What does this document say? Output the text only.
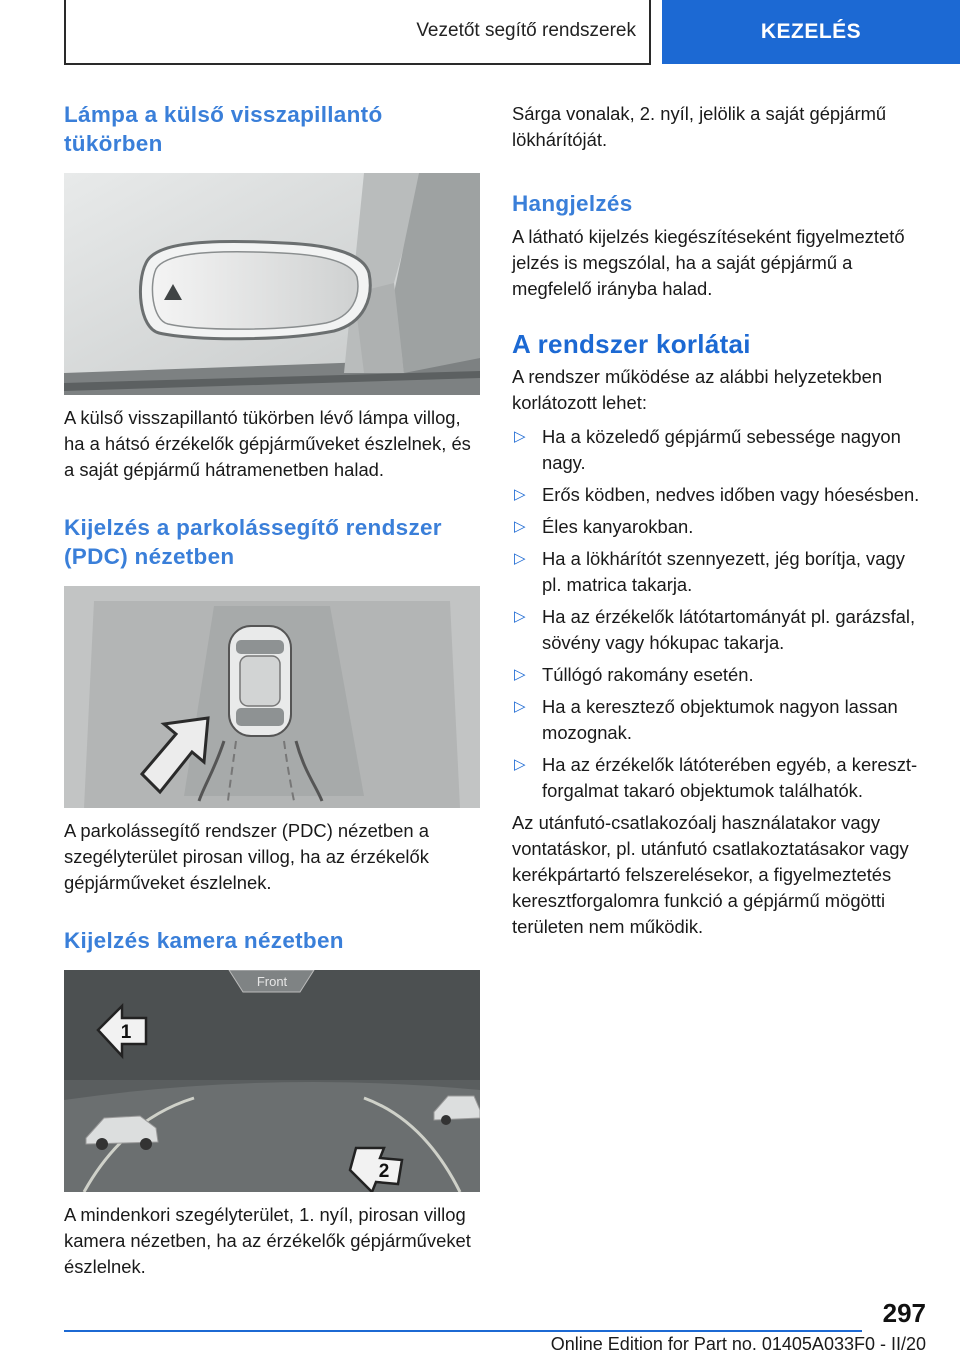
Vezetőt segítő rendszerek	KEZELÉS
Lámpa a külső visszapillantó tükörben

A külső visszapillantó tükörben lévő lámpa villog, ha a hátsó érzékelők gépjárműveket észlelnek, és a saját gépjármű hátramenetben halad.

Kijelzés a parkolássegítő rendszer (PDC) nézetben

A parkolássegítő rendszer (PDC) nézetben a szegélyterület pirosan villog, ha az érzékelők gépjárműveket észlelnek.

Kijelzés kamera nézetben
Front
1
2

A mindenkori szegélyterület, 1. nyíl, pirosan villog kamera nézetben, ha az érzékelők gépjárműveket észlelnek.

Sárga vonalak, 2. nyíl, jelölik a saját gépjármű lökhárítóját.

Hangjelzés

A látható kijelzés kiegészítéseként figyelmeztető jelzés is megszólal, ha a saját gépjármű a megfelelő irányba halad.

A rendszer korlátai

A rendszer működése az alábbi helyzetekben korlátozott lehet:

▷ Ha a közeledő gépjármű sebessége nagyon nagy.
▷ Erős ködben, nedves időben vagy hóesésben.
▷ Éles kanyarokban.
▷ Ha a lökhárítót szennyezett, jég borítja, vagy pl. matrica takarja.
▷ Ha az érzékelők látótartományát pl. garázsfal, sövény vagy hókupac takarja.
▷ Túllógó rakomány esetén.
▷ Ha a keresztező objektumok nagyon lassan mozognak.
▷ Ha az érzékelők látóterében egyéb, a kereszt-forgalmat takaró objektumok találhatók.

Az utánfutó-csatlakozóalj használatakor vagy vontatáskor, pl. utánfutó csatlakoztatásakor vagy kerékpártartó felszerelésekor, a figyelmeztetés keresztforgalomra funkció a gépjármű mögötti területen nem működik.

297
Online Edition for Part no. 01405A033F0 - II/20
